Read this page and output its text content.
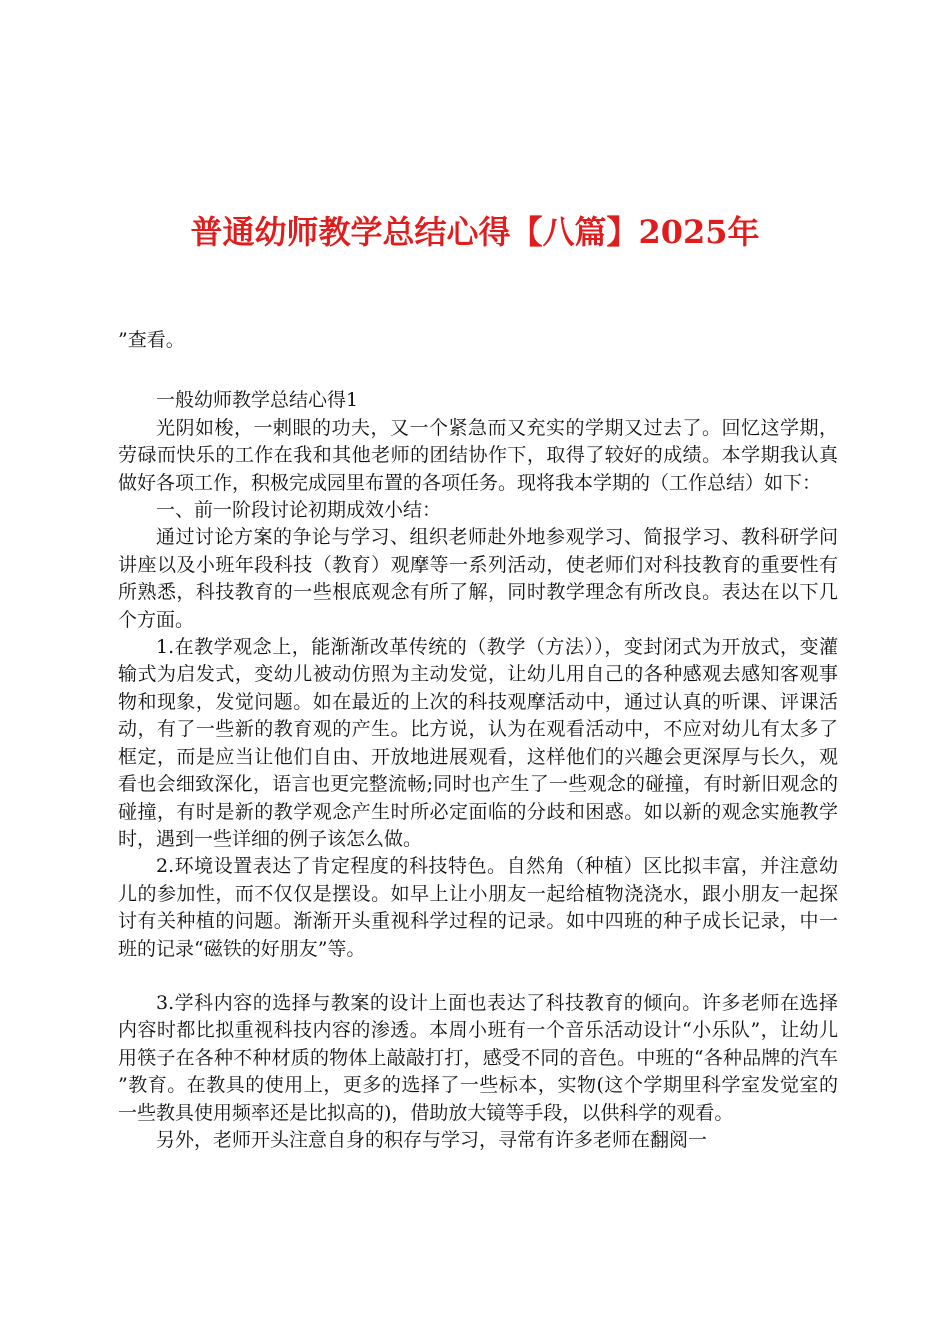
普通幼师教学总结心得【八篇】2025年

”查看。

一般幼师教学总结心得1

光阴如梭，一剌眼的功夫，又一个紧急而又充实的学期又过去了。回忆这学期，劳碌而快乐的工作在我和其他老师的团结协作下，取得了较好的成绩。本学期我认真做好各项工作，积极完成园里布置的各项任务。现将我本学期的（工作总结）如下：

一、前一阶段讨论初期成效小结：

通过讨论方案的争论与学习、组织老师赴外地参观学习、简报学习、教科研学问讲座以及小班年段科技（教育）观摩等一系列活动，使老师们对科技教育的重要性有所熟悉，科技教育的一些根底观念有所了解，同时教学理念有所改良。表达在以下几个方面。

1.在教学观念上，能渐渐改革传统的（教学（方法）），变封闭式为开放式，变灌输式为启发式，变幼儿被动仿照为主动发觉，让幼儿用自己的各种感观去感知客观事物和现象，发觉问题。如在最近的上次的科技观摩活动中，通过认真的听课、评课活动，有了一些新的教育观的产生。比方说，认为在观看活动中，不应对幼儿有太多了框定，而是应当让他们自由、开放地进展观看，这样他们的兴趣会更深厚与长久，观看也会细致深化，语言也更完整流畅;同时也产生了一些观念的碰撞，有时新旧观念的碰撞，有时是新的教学观念产生时所必定面临的分歧和困惑。如以新的观念实施教学时，遇到一些详细的例子该怎么做。

2.环境设置表达了肯定程度的科技特色。自然角（种植）区比拟丰富，并注意幼儿的参加性，而不仅仅是摆设。如早上让小朋友一起给植物浇浇水，跟小朋友一起探讨有关种植的问题。渐渐开头重视科学过程的记录。如中四班的种子成长记录，中一班的记录“磁铁的好朋友”等。

3.学科内容的选择与教案的设计上面也表达了科技教育的倾向。许多老师在选择内容时都比拟重视科技内容的渗透。本周小班有一个音乐活动设计“小乐队”，让幼儿用筷子在各种不种材质的物体上敲敲打打，感受不同的音色。中班的“各种品牌的汽车”教育。在教具的使用上，更多的选择了一些标本，实物(这个学期里科学室发觉室的一些教具使用频率还是比拟高的)，借助放大镜等手段，以供科学的观看。

另外，老师开头注意自身的积存与学习，寻常有许多老师在翻阅一
